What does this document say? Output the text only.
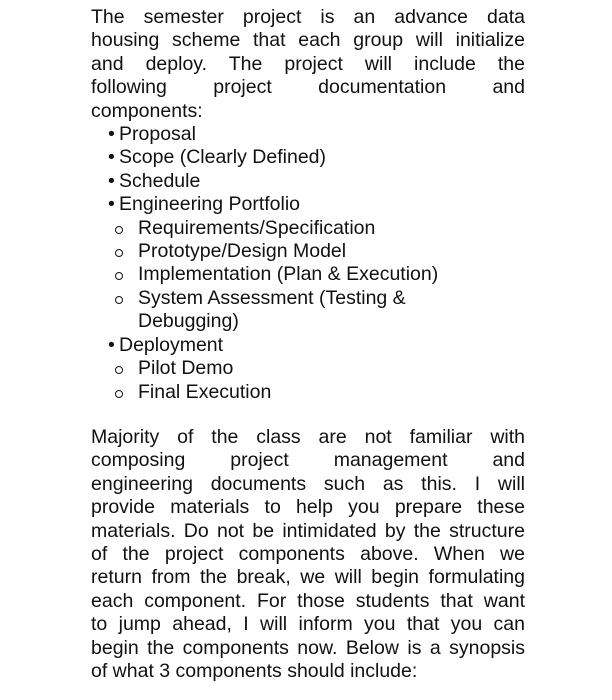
The semester project is an advance data
housing scheme that each group will initialize
and deploy. The project will include the
following project documentation and
components:
• Proposal
• Scope (Clearly Defined)
• Schedule
• Engineering Portfolio
Requirements/Specification
Prototype/Design Model
Implementation (Plan & Execution)
System Assessment (Testing &
Debugging)
• Deployment
Pilot Demo
Final Execution
Majority of the class are not familiar with
composing project management and
engineering documents such as this. I will
provide materials to help you prepare these
materials. Do not be intimidated by the structure
of the project components above. When we
return from the break, we will begin formulating
each component. For those students that want
to jump ahead, I will inform you that you can
begin the components now. Below is a synopsis
of what 3 components should include:
